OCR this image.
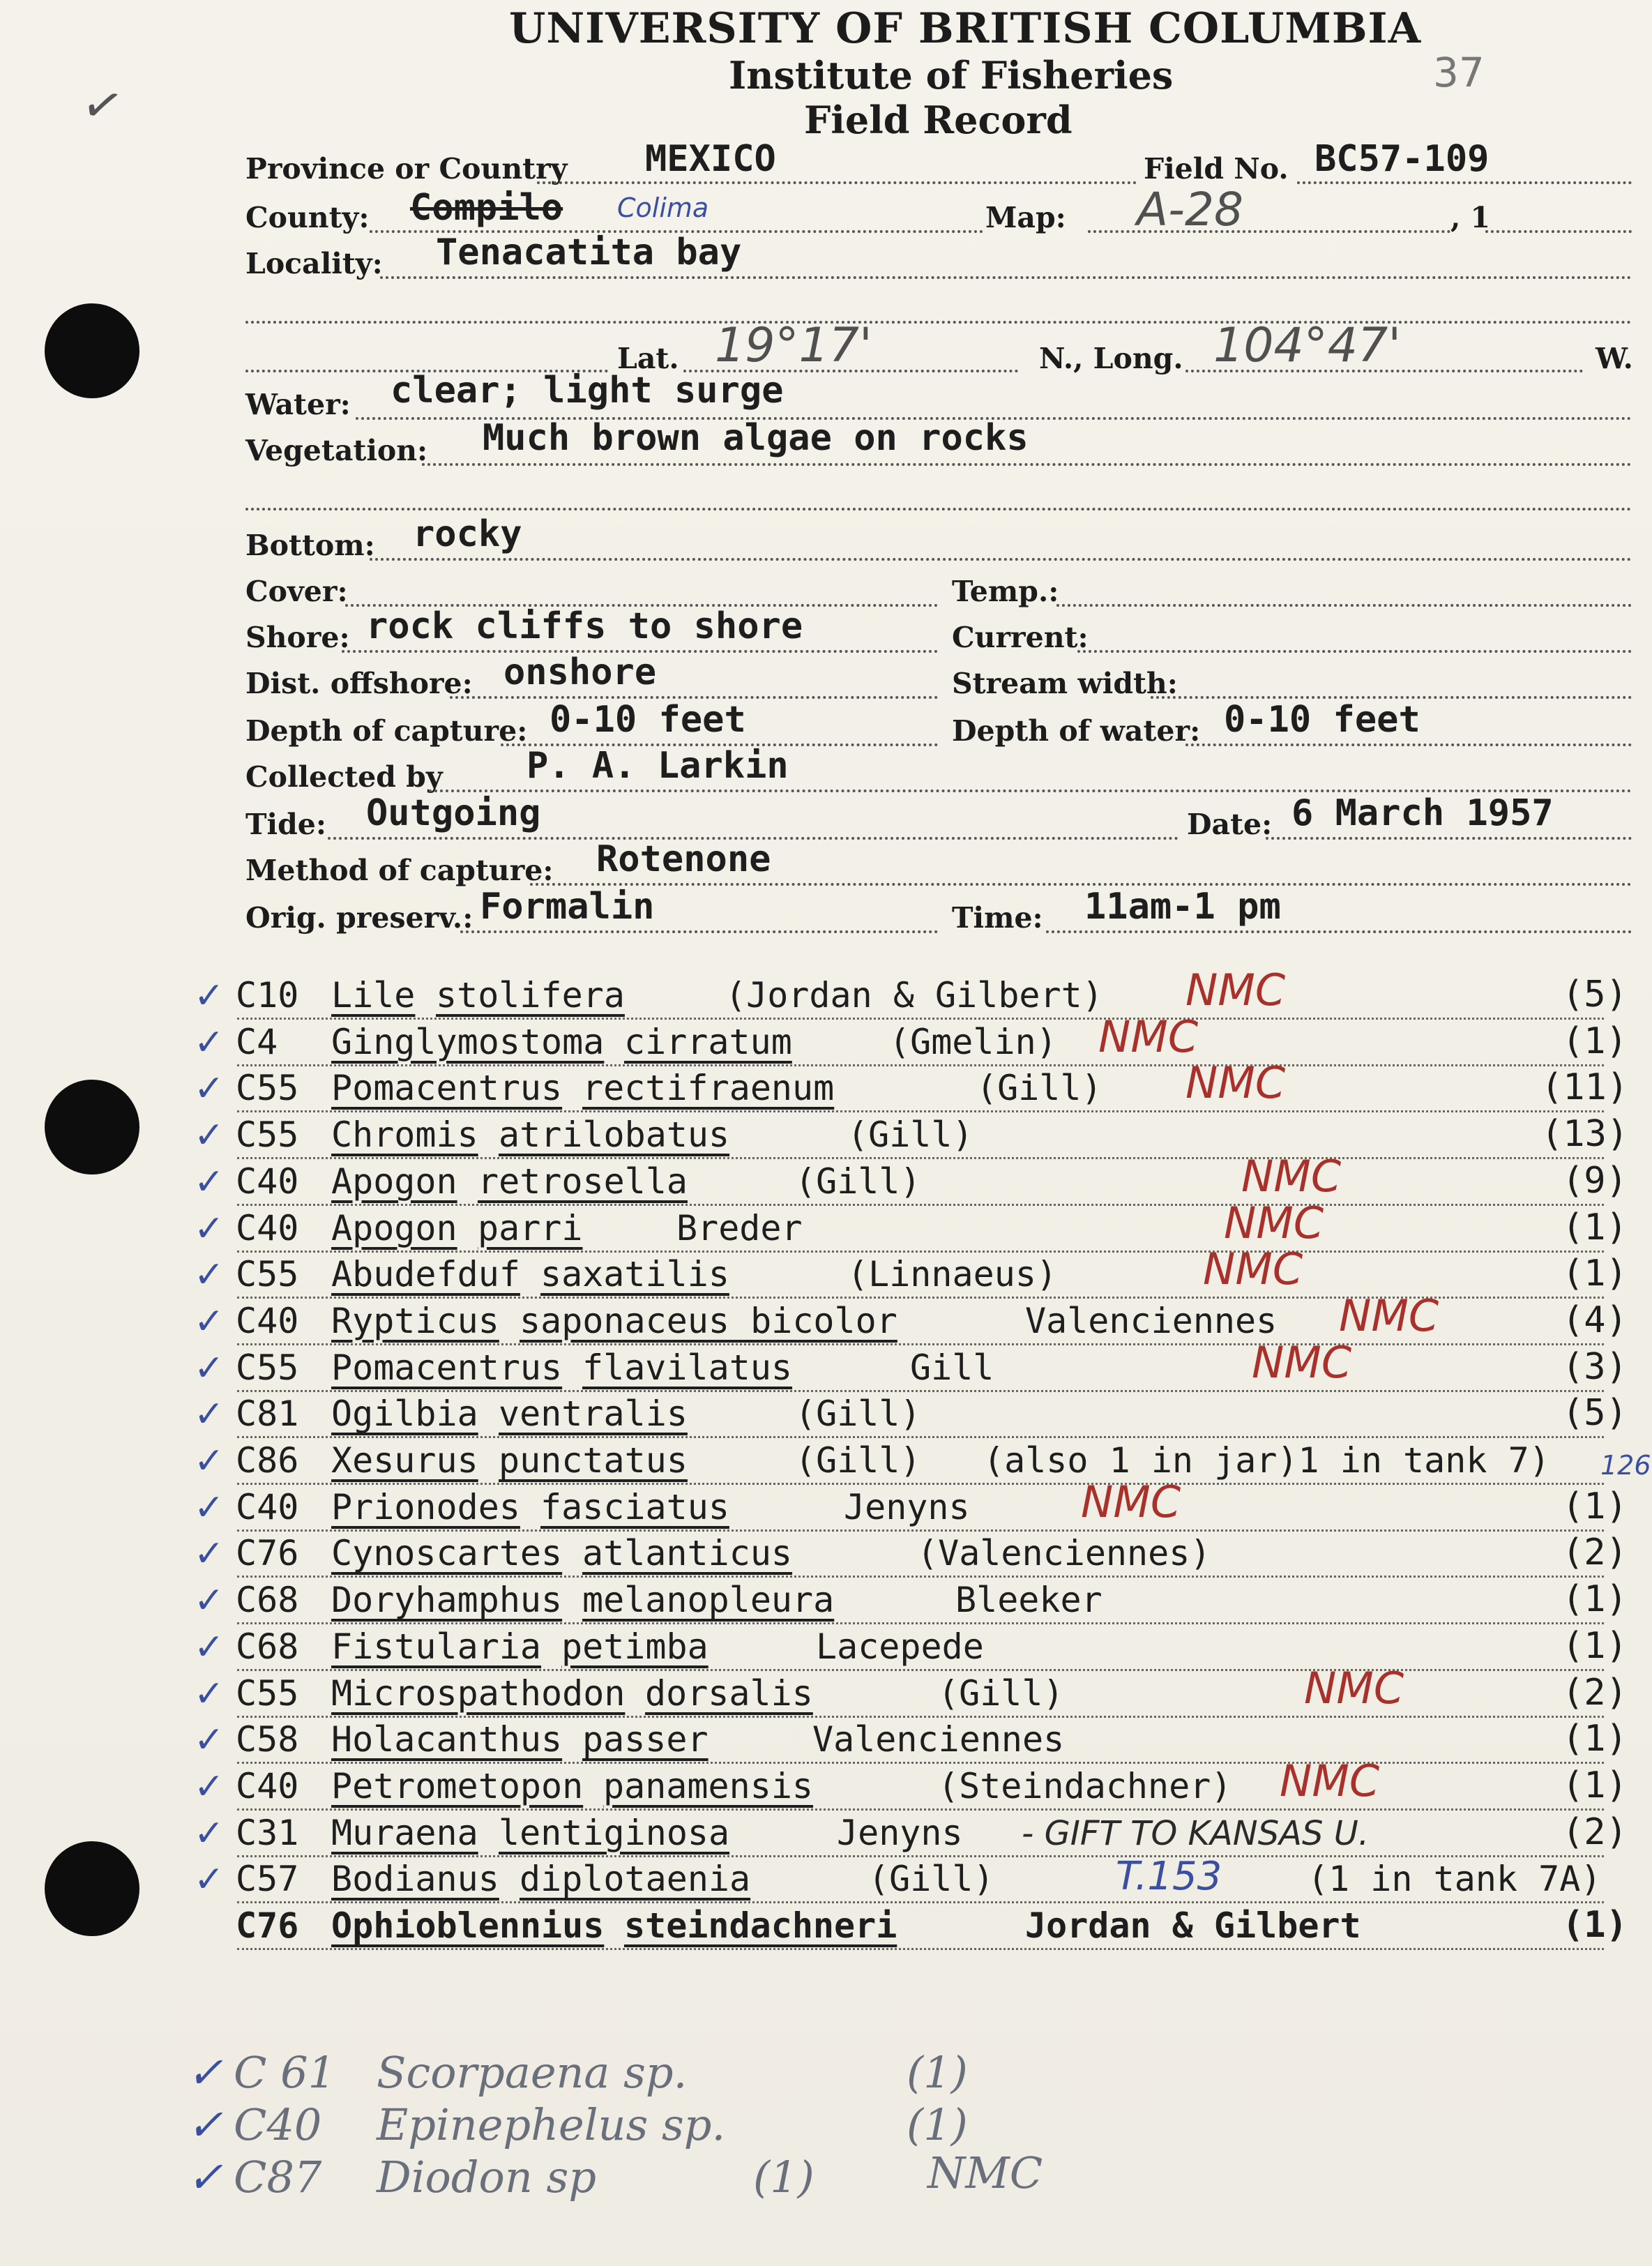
✓
UNIVERSITY OF BRITISH COLUMBIA
Institute of Fisheries
Field Record
37
Province or Country MEXICO	Field No. BC57-109
County: Compilo Colima	Map: A-28	, 1
Locality: Tenacatita bay
Lat. 19°17'	N., Long. 104°47'	W.
Water: clear; light surge
Vegetation: Much brown algae on rocks
Bottom: rocky
Cover:	Temp.:
Shore: rock cliffs to shore	Current:
Dist. offshore: onshore	Stream width:
Depth of capture: 0-10 feet	Depth of water: 0-10 feet
Collected by P. A. Larkin
Tide: Outgoing	Date: 6 March 1957
Method of capture: Rotenone
Orig. preserv.: Formalin	Time: 11am-1 pm
✓ C10 Lile stolifera	(Jordan & Gilbert) NMC	(5)
✓ C4 Ginglymostoma cirratum	(Gmelin) NMC	(1)
✓ C55 Pomacentrus rectifraenum	(Gill) NMC	(11)
✓ C55 Chromis atrilobatus	(Gill)	(13)
✓ C40 Apogon retrosella	(Gill)	NMC	(9)
✓ C40 Apogon parri	Breder	NMC	(1)
✓ C55 Abudefduf saxatilis	(Linnaeus)	NMC	(1)
✓ C40 Rypticus saponaceus bicolor	Valenciennes NMC	(4)
✓ C55 Pomacentrus flavilatus	Gill	NMC	(3)
✓ C81 Ogilbia ventralis	(Gill)	(5)
✓ C86 Xesurus punctatus	(Gill) (also 1 in jar)1 in tank 7) 126
✓ C40 Prionodes fasciatus	Jenyns	NMC	(1)
✓ C76 Cynoscartes atlanticus	(Valenciennes)	(2)
✓ C68 Doryhamphus melanopleura	Bleeker	(1)
✓ C68 Fistularia petimba	Lacepede	(1)
✓ C55 Microspathodon dorsalis	(Gill)	NMC	(2)
✓ C58 Holacanthus passer	Valenciennes	(1)
✓ C40 Petrometopon panamensis	(Steindachner) NMC	(1)
✓ C31 Muraena lentiginosa	Jenyns - GIFT TO KANSAS U.	(2)
✓ C57 Bodianus diplotaenia	(Gill)	T.153 (1 in tank 7A)
C76 Ophioblennius steindachneri	Jordan & Gilbert	(1)
✓ C 61 Scorpaena sp.	(1)
✓ C40 Epinephelus sp.	(1)
✓ C87 Diodon sp	(1)	NMC
